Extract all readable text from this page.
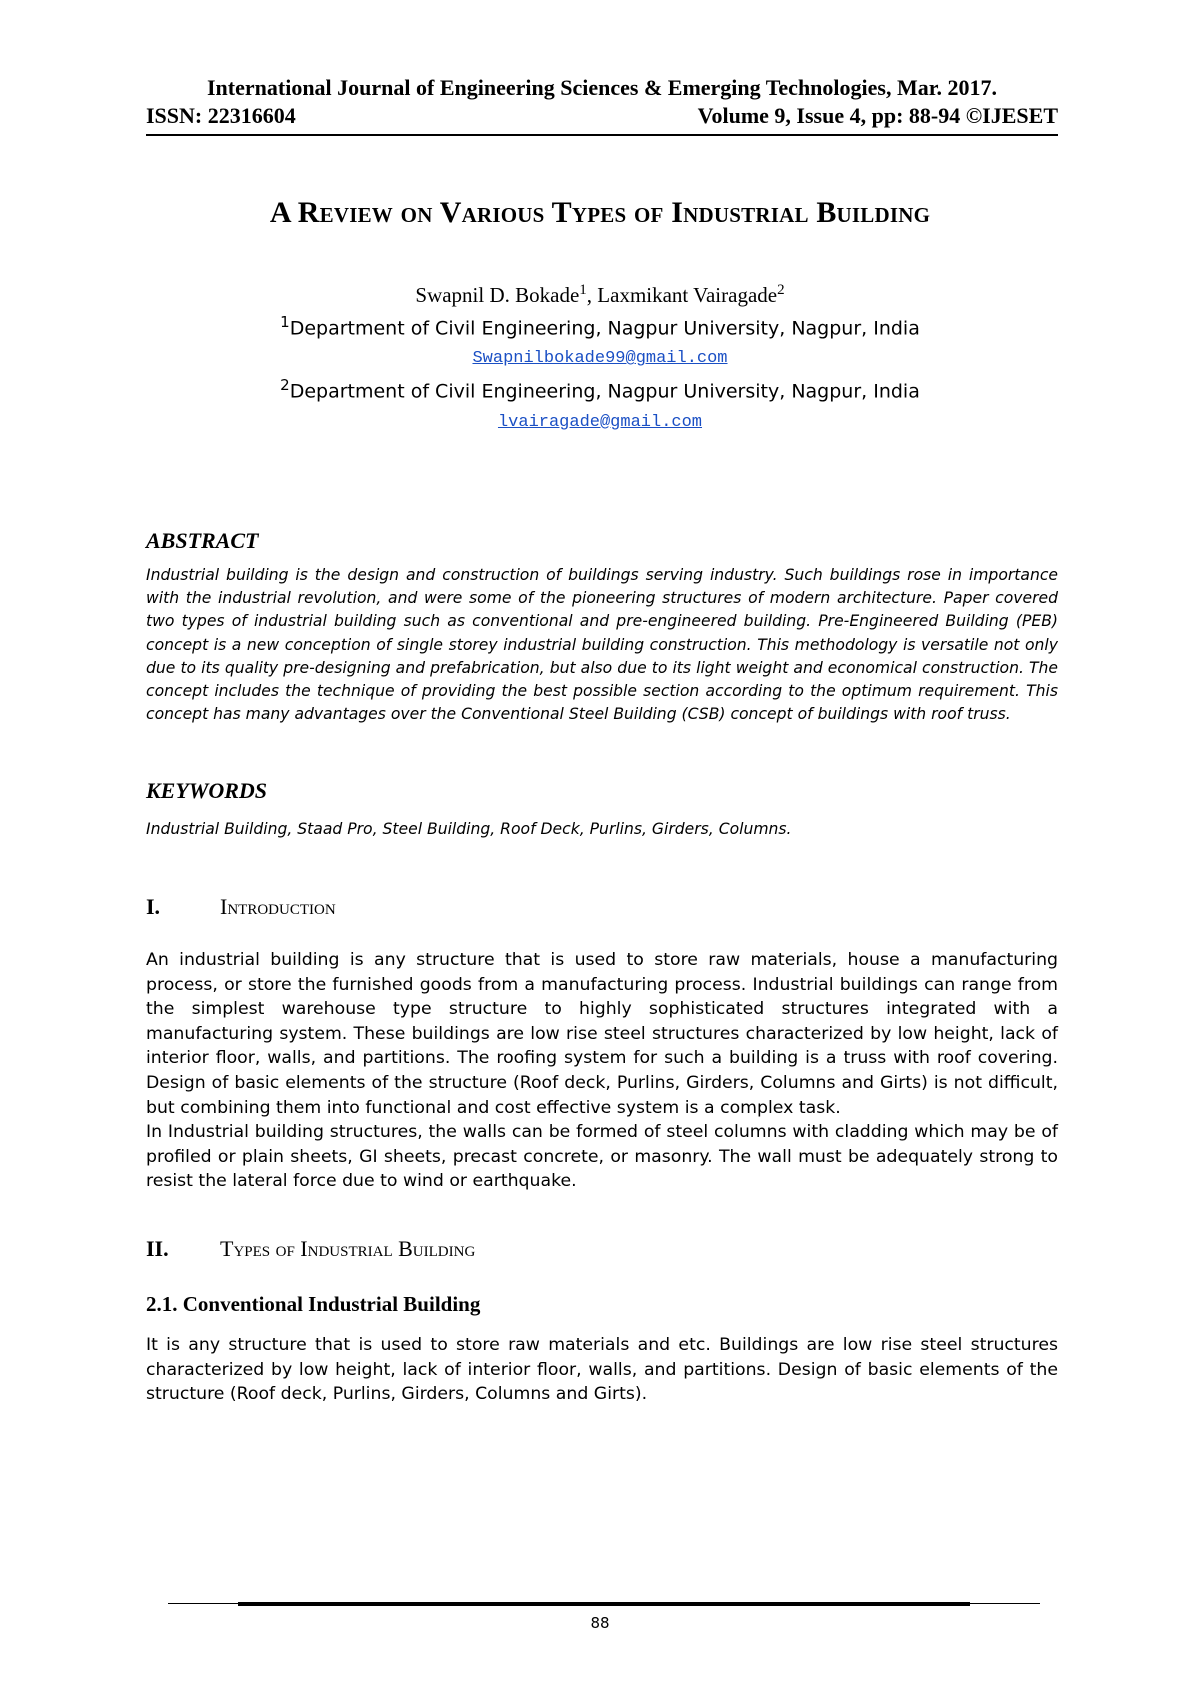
International Journal of Engineering Sciences & Emerging Technologies, Mar. 2017.
ISSN: 22316604	Volume 9, Issue 4, pp: 88-94 ©IJESET
A Review on Various Types of Industrial Building
Swapnil D. Bokade$^1$, Laxmikant Vairagade$^2$
$^1$Department of Civil Engineering, Nagpur University, Nagpur, India
Swapnilbokade99@gmail.com
$^2$Department of Civil Engineering, Nagpur University, Nagpur, India
lvairagade@gmail.com
ABSTRACT

Industrial building is the design and construction of buildings serving industry. Such buildings rose in importance with the industrial revolution, and were some of the pioneering structures of modern architecture. Paper covered two types of industrial building such as conventional and pre-engineered building. Pre-Engineered Building (PEB) concept is a new conception of single storey industrial building construction. This methodology is versatile not only due to its quality pre-designing and prefabrication, but also due to its light weight and economical construction. The concept includes the technique of providing the best possible section according to the optimum requirement. This concept has many advantages over the Conventional Steel Building (CSB) concept of buildings with roof truss.

KEYWORDS

Industrial Building, Staad Pro, Steel Building, Roof Deck, Purlins, Girders, Columns.

I.	Introduction

An industrial building is any structure that is used to store raw materials, house a manufacturing process, or store the furnished goods from a manufacturing process. Industrial buildings can range from the simplest warehouse type structure to highly sophisticated structures integrated with a manufacturing system. These buildings are low rise steel structures characterized by low height, lack of interior floor, walls, and partitions. The roofing system for such a building is a truss with roof covering. Design of basic elements of the structure (Roof deck, Purlins, Girders, Columns and Girts) is not difficult, but combining them into functional and cost effective system is a complex task.

In Industrial building structures, the walls can be formed of steel columns with cladding which may be of profiled or plain sheets, GI sheets, precast concrete, or masonry. The wall must be adequately strong to resist the lateral force due to wind or earthquake.

II.	Types of Industrial Building
2.1. Conventional Industrial Building

It is any structure that is used to store raw materials and etc. Buildings are low rise steel structures characterized by low height, lack of interior floor, walls, and partitions. Design of basic elements of the structure (Roof deck, Purlins, Girders, Columns and Girts).

88
